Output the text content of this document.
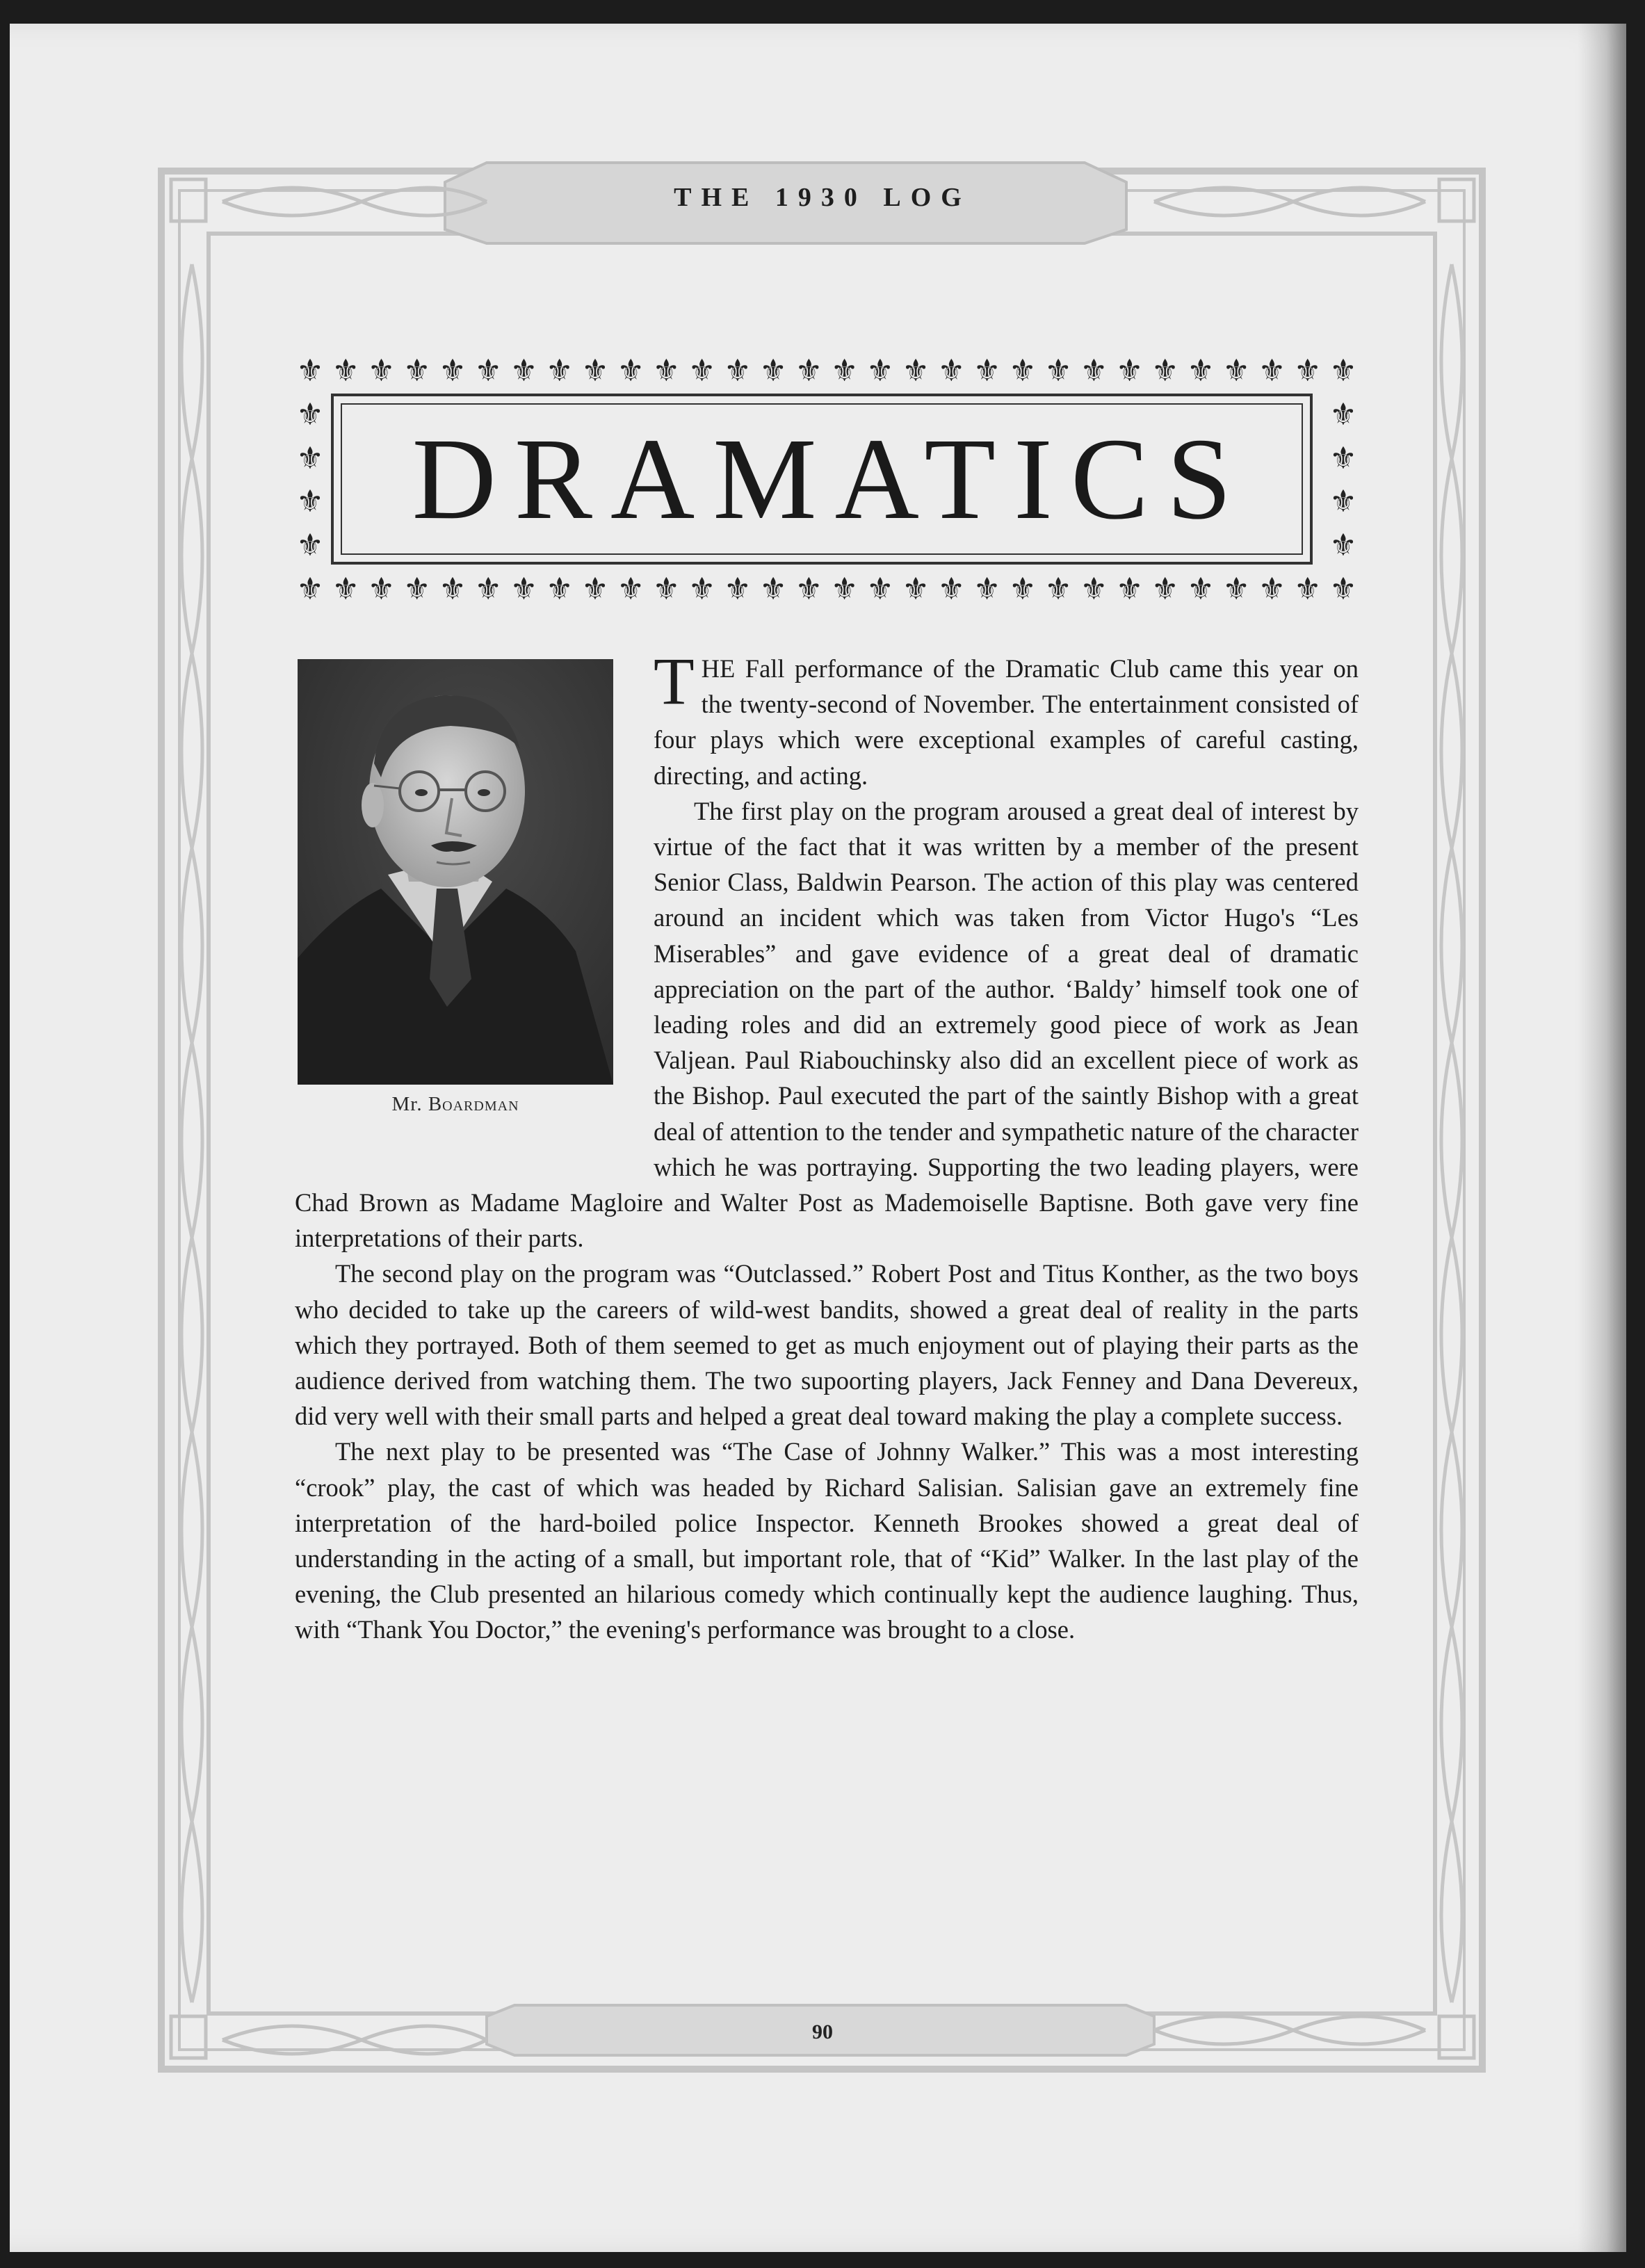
THE 1930 LOG
⚜
⚜
⚜
⚜
⚜
⚜
⚜
⚜
⚜
⚜
⚜
⚜
⚜
⚜
⚜
⚜
⚜
⚜
⚜
⚜
⚜
⚜
⚜
⚜
⚜
⚜
⚜
⚜
⚜
⚜
⚜
⚜
⚜
⚜
⚜
⚜
⚜
⚜
⚜
⚜
⚜
⚜
⚜
⚜
⚜
⚜
⚜
⚜
⚜
⚜
⚜
⚜
⚜
⚜
⚜
⚜
⚜
⚜
⚜
⚜
⚜	⚜
⚜	⚜
⚜	⚜
⚜	⚜
DRAMATICS
Mr. Boardman

THE Fall performance of the Dramatic Club came this year on the twenty-second of November. The entertainment consisted of four plays which were exceptional examples of careful casting, directing, and acting.

The first play on the program aroused a great deal of interest by virtue of the fact that it was written by a member of the present Senior Class, Baldwin Pearson. The action of this play was centered around an incident which was taken from Victor Hugo's “Les Miserables” and gave evidence of a great deal of dramatic appreciation on the part of the author. ‘Baldy’ himself took one of leading roles and did an extremely good piece of work as Jean Valjean. Paul Riabouchinsky also did an excellent piece of work as the Bishop. Paul executed the part of the saintly Bishop with a great deal of attention to the tender and sympathetic nature of the character which he was portraying. Supporting the two leading players, were Chad Brown as Madame Magloire and Walter Post as Mademoiselle Baptisne. Both gave very fine interpretations of their parts.

The second play on the program was “Outclassed.” Robert Post and Titus Konther, as the two boys who decided to take up the careers of wild-west bandits, showed a great deal of reality in the parts which they portrayed. Both of them seemed to get as much enjoyment out of playing their parts as the audience derived from watching them. The two supoorting players, Jack Fenney and Dana Devereux, did very well with their small parts and helped a great deal toward making the play a complete success.

The next play to be presented was “The Case of Johnny Walker.” This was a most interesting “crook” play, the cast of which was headed by Richard Salisian. Salisian gave an extremely fine interpretation of the hard-boiled police Inspector. Kenneth Brookes showed a great deal of understanding in the acting of a small, but important role, that of “Kid” Walker. In the last play of the evening, the Club presented an hilarious comedy which continually kept the audience laughing. Thus, with “Thank You Doctor,” the evening's performance was brought to a close.

90
